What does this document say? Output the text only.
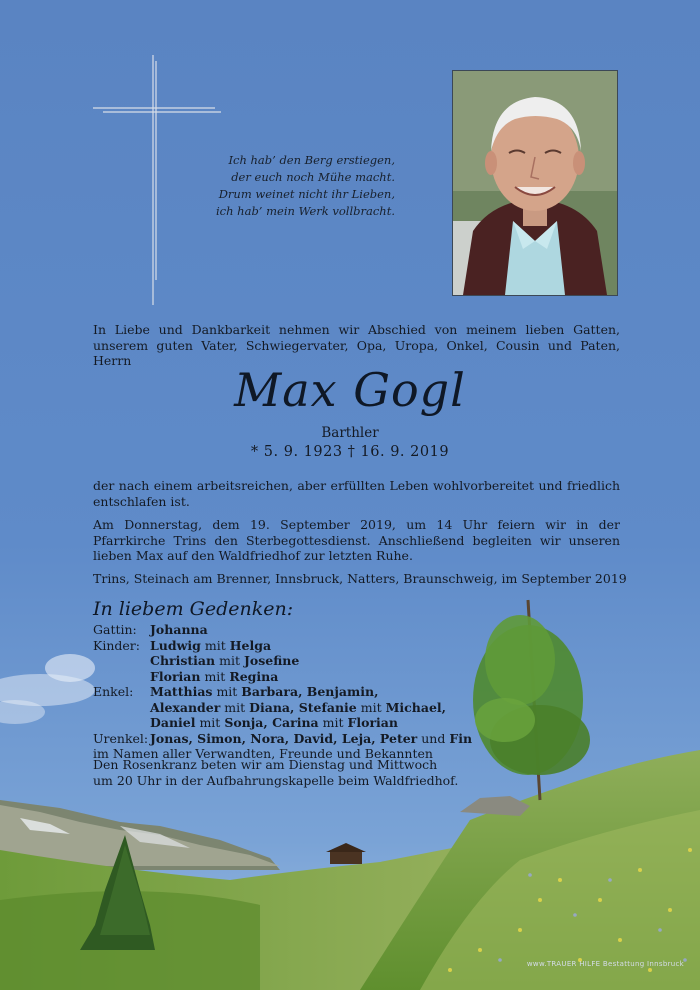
Ich hab’ den Berg erstiegen,
der euch noch Mühe macht.
Drum weinet nicht ihr Lieben,
ich hab’ mein Werk vollbracht.
In Liebe und Dankbarkeit nehmen wir Abschied von meinem lieben Gatten, unserem guten Vater, Schwiegervater, Opa, Uropa, Onkel, Cousin und Paten, Herrn
Max Gogl
Barthler
* 5. 9. 1923 † 16. 9. 2019
der nach einem arbeitsreichen, aber erfüllten Leben wohlvorbereitet und friedlich entschlafen ist.
Am Donnerstag, dem 19. September 2019, um 14 Uhr feiern wir in der Pfarrkirche Trins den Sterbegottesdienst. Anschließend begleiten wir unseren lieben Max auf den Waldfriedhof zur letzten Ruhe.
Trins, Steinach am Brenner, Innsbruck, Natters, Braunschweig, im September 2019
In liebem Gedenken:
Gattin:	Johanna
Kinder: Ludwig mit Helga
Christian mit Josefine
Florian mit Regina
Enkel:	Matthias mit Barbara, Benjamin,
Alexander mit Diana, Stefanie mit Michael,
Daniel mit Sonja, Carina mit Florian
Urenkel: Jonas, Simon, Nora, David, Leja, Peter und Fin
im Namen aller Verwandten, Freunde und Bekannten
Den Rosenkranz beten wir am Dienstag und Mittwoch
um 20 Uhr in der Aufbahrungskapelle beim Waldfriedhof.
www.TRAUER HILFE Bestattung Innsbruck
